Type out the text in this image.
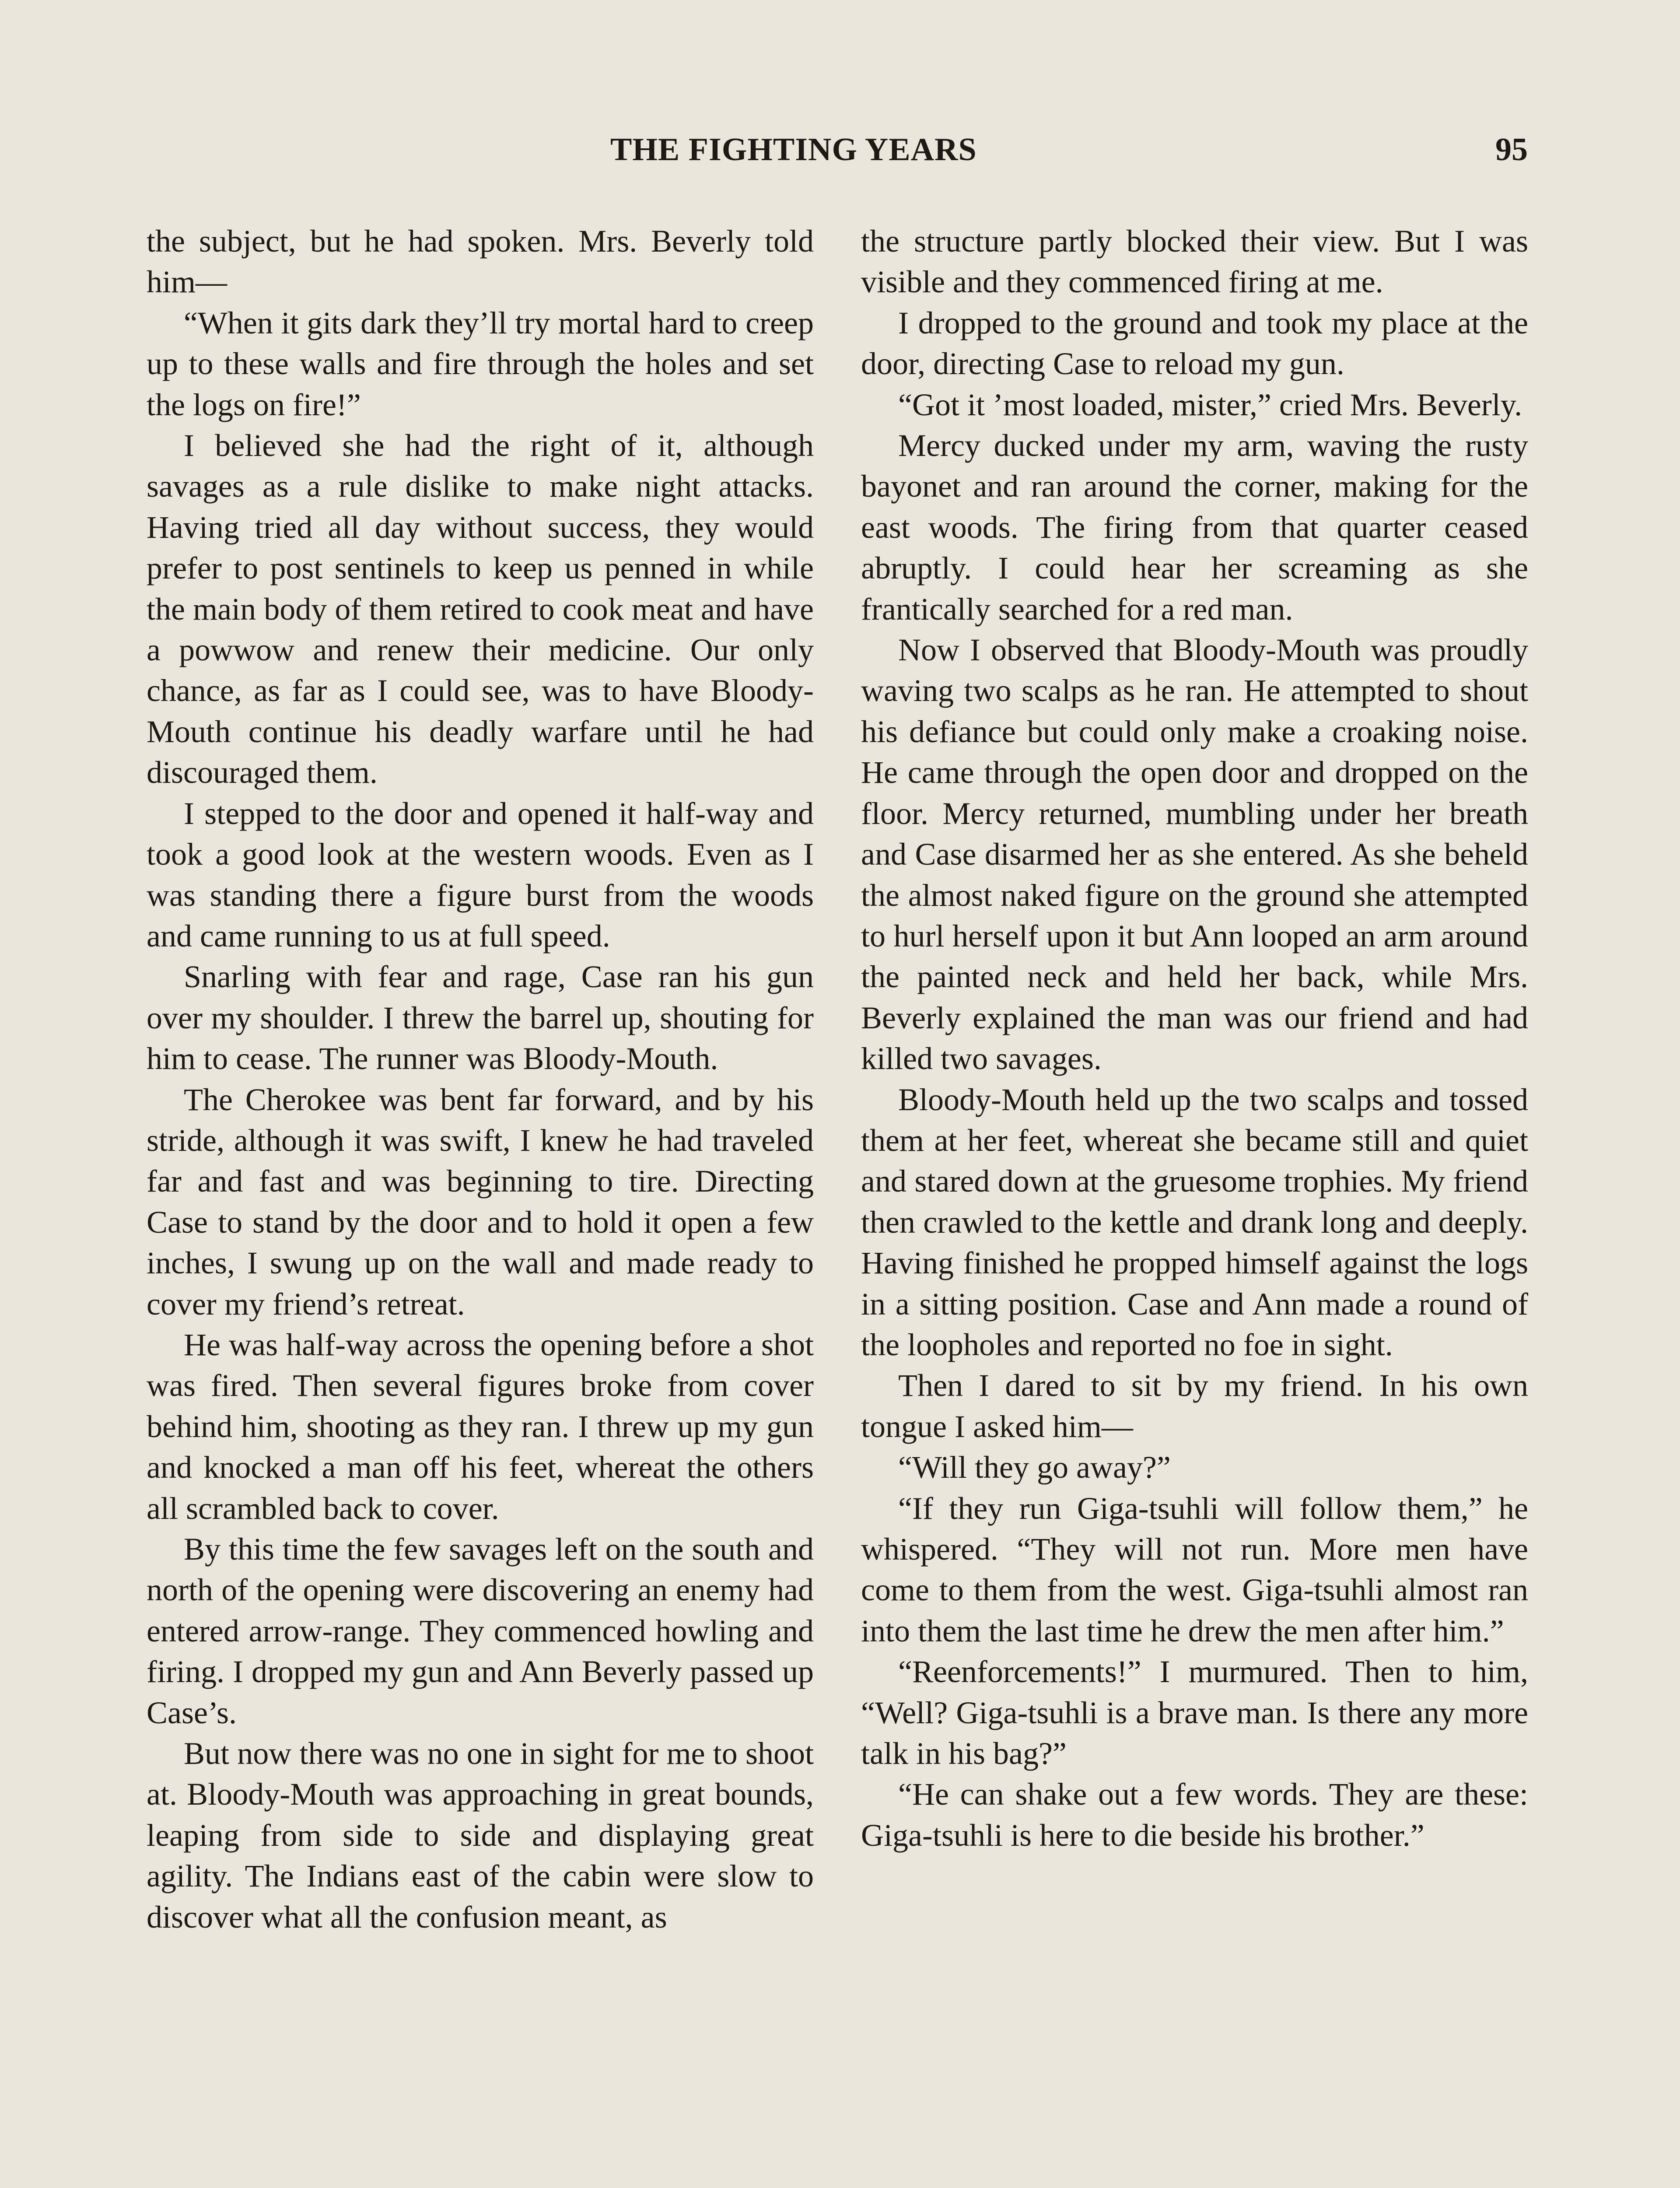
THE FIGHTING YEARS	95

the subject, but he had spoken. Mrs. Beverly told him—

“When it gits dark they’ll try mortal hard to creep up to these walls and fire through the holes and set the logs on fire!”

I believed she had the right of it, although savages as a rule dislike to make night attacks. Having tried all day without success, they would prefer to post sentinels to keep us penned in while the main body of them retired to cook meat and have a powwow and renew their medicine. Our only chance, as far as I could see, was to have Bloody-Mouth continue his deadly warfare until he had discouraged them.

I stepped to the door and opened it half-way and took a good look at the western woods. Even as I was standing there a figure burst from the woods and came running to us at full speed.

Snarling with fear and rage, Case ran his gun over my shoulder. I threw the barrel up, shouting for him to cease. The runner was Bloody-Mouth.

The Cherokee was bent far forward, and by his stride, although it was swift, I knew he had traveled far and fast and was beginning to tire. Directing Case to stand by the door and to hold it open a few inches, I swung up on the wall and made ready to cover my friend’s retreat.

He was half-way across the opening before a shot was fired. Then several figures broke from cover behind him, shooting as they ran. I threw up my gun and knocked a man off his feet, whereat the others all scrambled back to cover.

By this time the few savages left on the south and north of the opening were discovering an enemy had entered arrow-range. They commenced howling and firing. I dropped my gun and Ann Beverly passed up Case’s.

But now there was no one in sight for me to shoot at. Bloody-Mouth was approaching in great bounds, leaping from side to side and displaying great agility. The Indians east of the cabin were slow to discover what all the confusion meant, as

the structure partly blocked their view. But I was visible and they commenced firing at me.

I dropped to the ground and took my place at the door, directing Case to reload my gun.

“Got it ’most loaded, mister,” cried Mrs. Beverly.

Mercy ducked under my arm, waving the rusty bayonet and ran around the corner, making for the east woods. The firing from that quarter ceased abruptly. I could hear her screaming as she frantically searched for a red man.

Now I observed that Bloody-Mouth was proudly waving two scalps as he ran. He attempted to shout his defiance but could only make a croaking noise. He came through the open door and dropped on the floor. Mercy returned, mumbling under her breath and Case disarmed her as she entered. As she beheld the almost naked figure on the ground she attempted to hurl herself upon it but Ann looped an arm around the painted neck and held her back, while Mrs. Beverly explained the man was our friend and had killed two savages.

Bloody-Mouth held up the two scalps and tossed them at her feet, whereat she became still and quiet and stared down at the gruesome trophies. My friend then crawled to the kettle and drank long and deeply. Having finished he propped himself against the logs in a sitting position. Case and Ann made a round of the loopholes and reported no foe in sight.

Then I dared to sit by my friend. In his own tongue I asked him—

“Will they go away?”

“If they run Giga-tsuhli will follow them,” he whispered. “They will not run. More men have come to them from the west. Giga-tsuhli almost ran into them the last time he drew the men after him.”

“Reenforcements!” I murmured. Then to him, “Well? Giga-tsuhli is a brave man. Is there any more talk in his bag?”

“He can shake out a few words. They are these: Giga-tsuhli is here to die beside his brother.”
